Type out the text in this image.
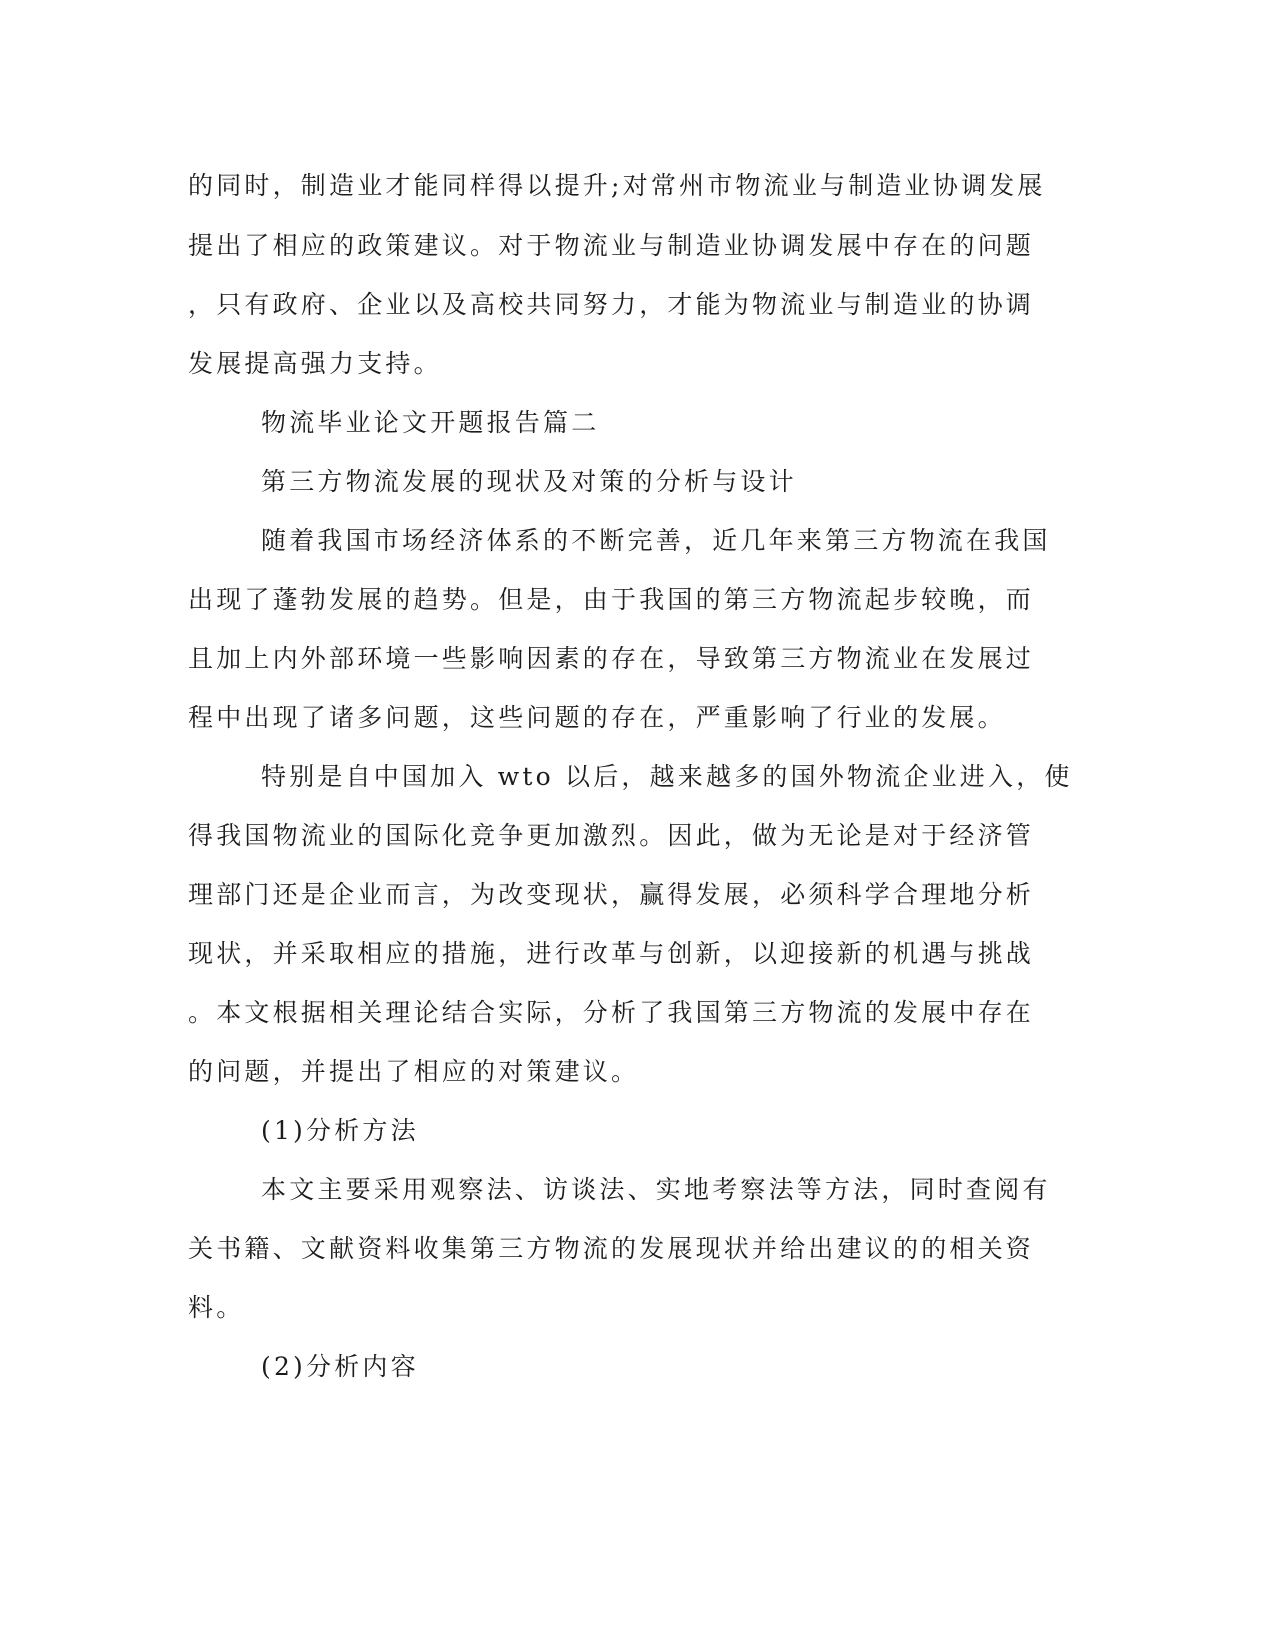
的同时，制造业才能同样得以提升;对常州市物流业与制造业协调发展
提出了相应的政策建议。对于物流业与制造业协调发展中存在的问题
，只有政府、企业以及高校共同努力，才能为物流业与制造业的协调
发展提高强力支持。
物流毕业论文开题报告篇二
第三方物流发展的现状及对策的分析与设计
随着我国市场经济体系的不断完善，近几年来第三方物流在我国
出现了蓬勃发展的趋势。但是，由于我国的第三方物流起步较晚，而
且加上内外部环境一些影响因素的存在，导致第三方物流业在发展过
程中出现了诸多问题，这些问题的存在，严重影响了行业的发展。
特别是自中国加入 wto 以后，越来越多的国外物流企业进入，使
得我国物流业的国际化竞争更加激烈。因此，做为无论是对于经济管
理部门还是企业而言，为改变现状，赢得发展，必须科学合理地分析
现状，并采取相应的措施，进行改革与创新，以迎接新的机遇与挑战
。本文根据相关理论结合实际，分析了我国第三方物流的发展中存在
的问题，并提出了相应的对策建议。
(1)分析方法
本文主要采用观察法、访谈法、实地考察法等方法，同时查阅有
关书籍、文献资料收集第三方物流的发展现状并给出建议的的相关资
料。
(2)分析内容
